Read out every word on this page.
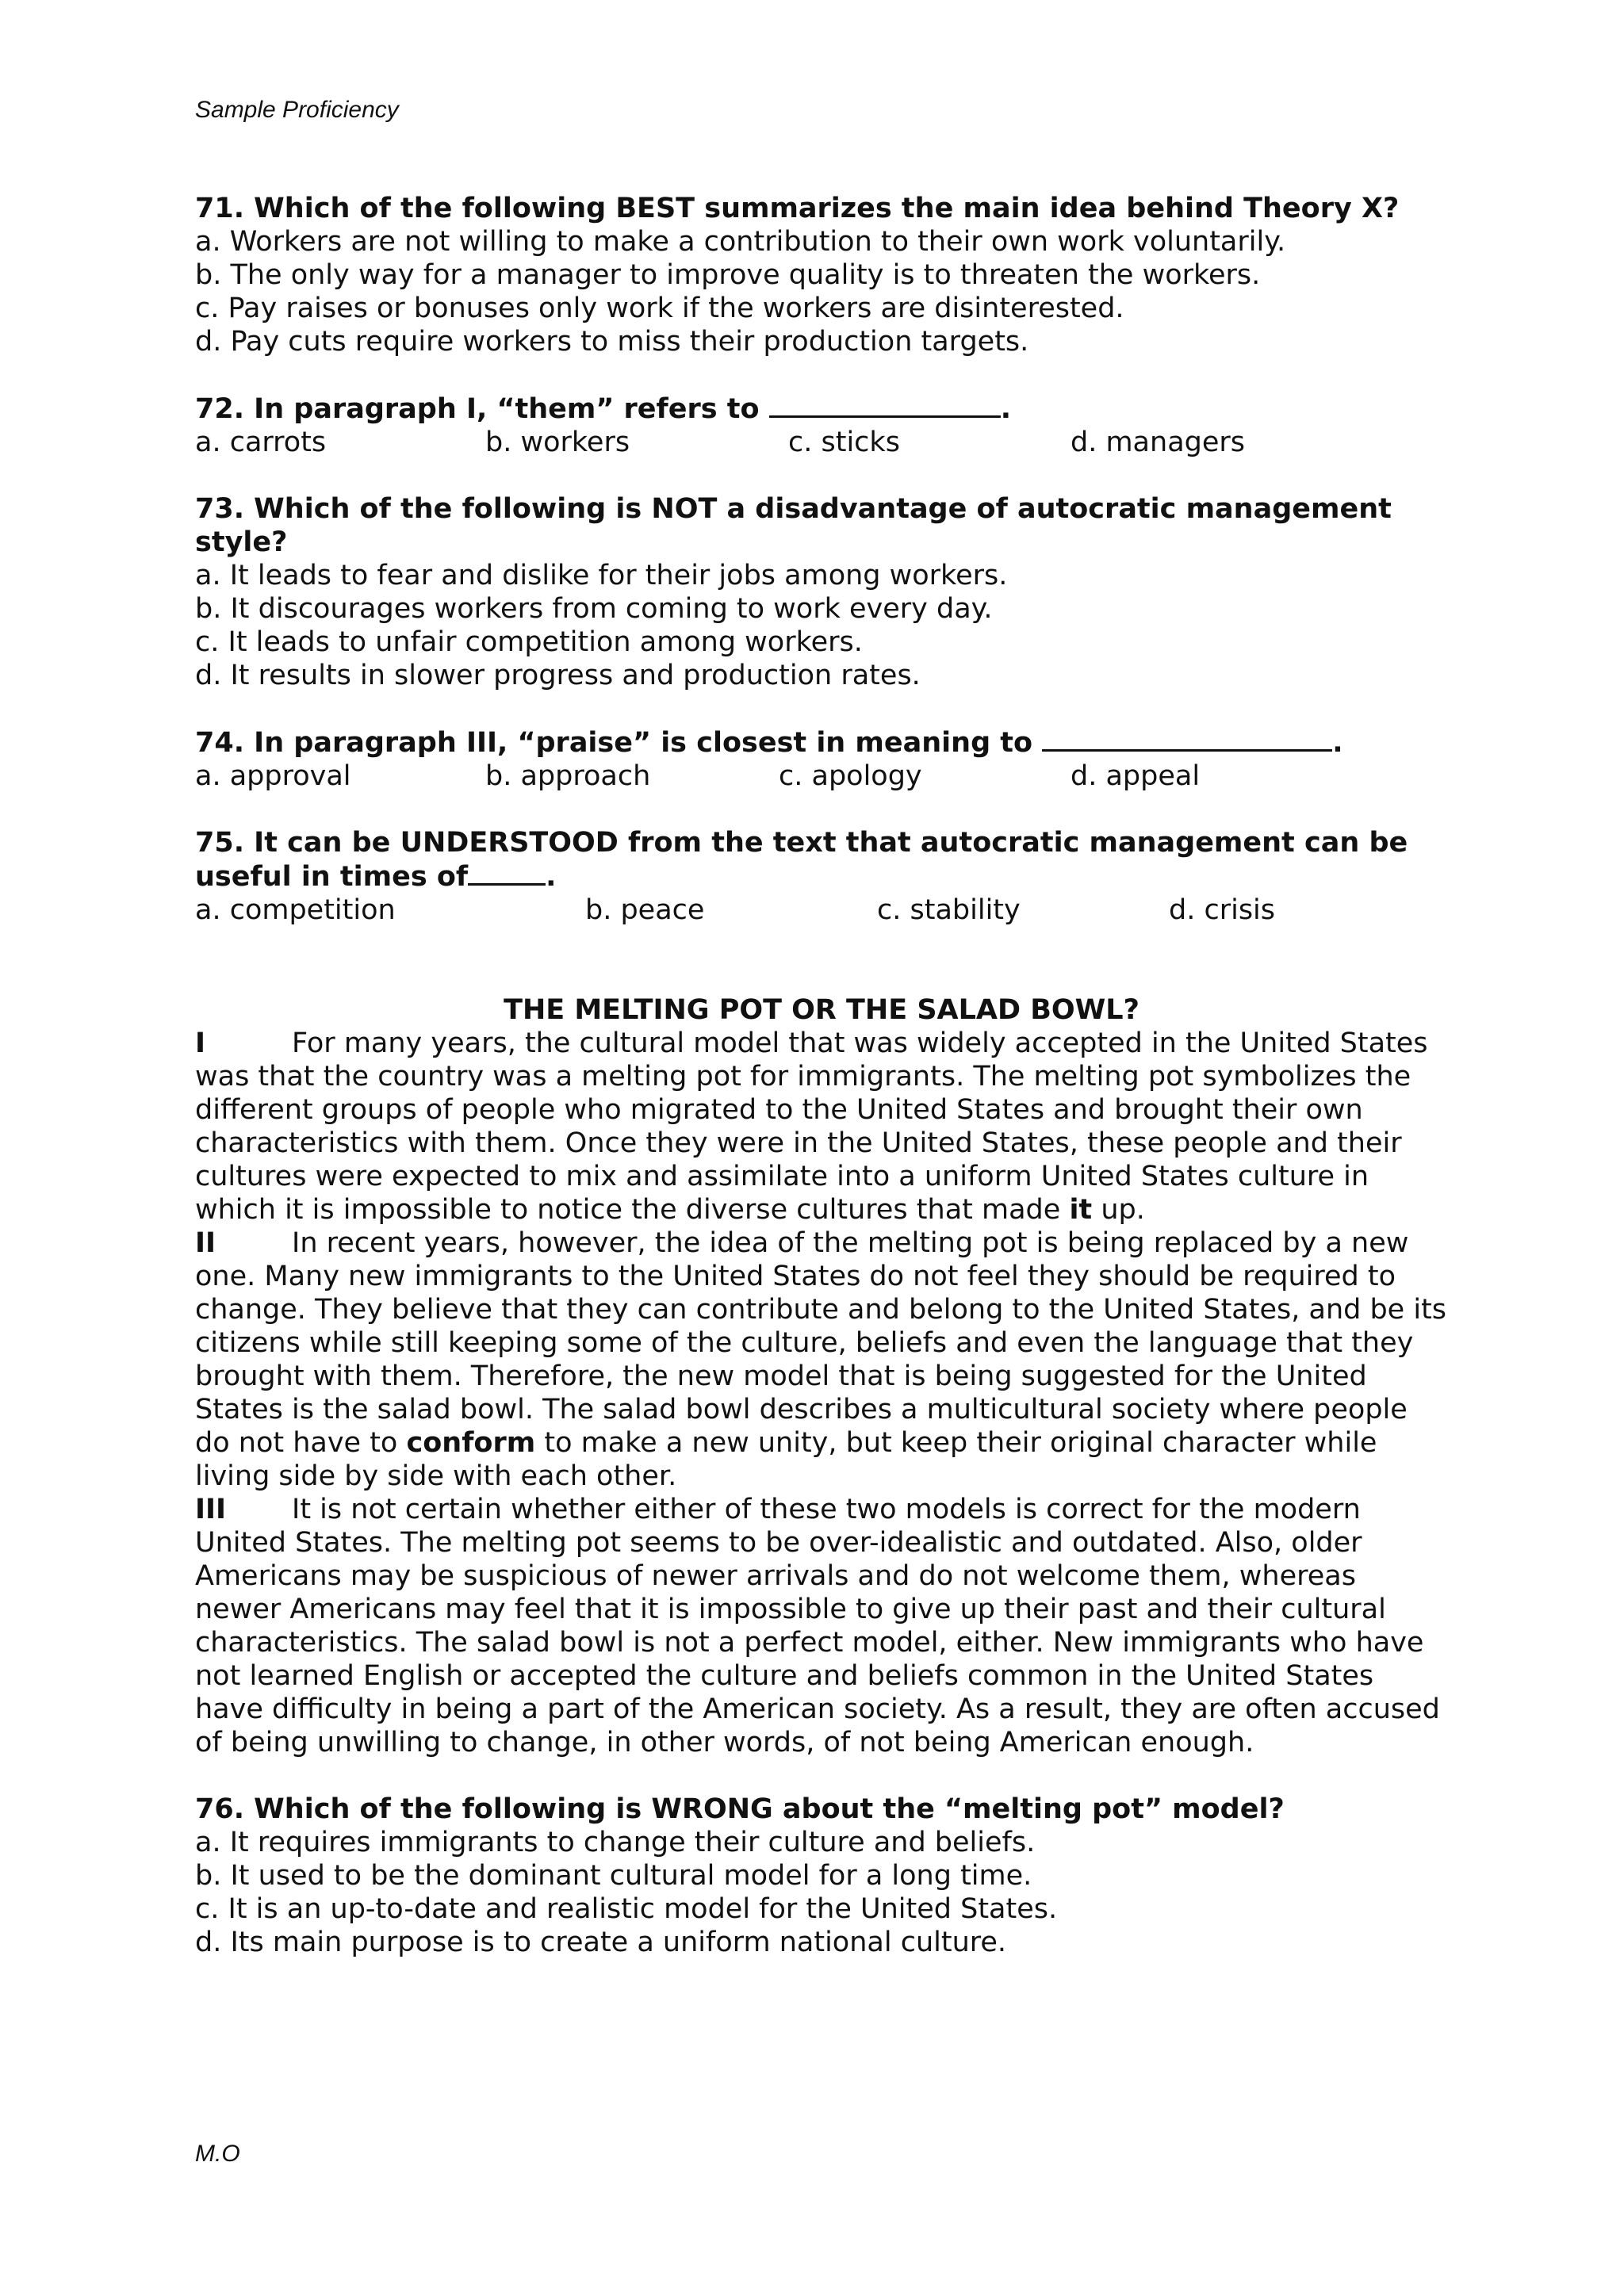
Sample Proficiency
71. Which of the following BEST summarizes the main idea behind Theory X?
a. Workers are not willing to make a contribution to their own work voluntarily.
b. The only way for a manager to improve quality is to threaten the workers.
c. Pay raises or bonuses only work if the workers are disinterested.
d. Pay cuts require workers to miss their production targets.
72. In paragraph I, “them” refers to	.
a. carrots	b. workers	c. sticks	d. managers
73. Which of the following is NOT a disadvantage of autocratic management style?
a. It leads to fear and dislike for their jobs among workers.
b. It discourages workers from coming to work every day.
c. It leads to unfair competition among workers.
d. It results in slower progress and production rates.
74. In paragraph III, “praise” is closest in meaning to	.
a. approval	b. approach	c. apology	d. appeal
75. It can be UNDERSTOOD from the text that autocratic management can be
useful in times of	.
a. competition	b. peace	c. stability	d. crisis
THE MELTING POT OR THE SALAD BOWL?
I	For many years, the cultural model that was widely accepted in the United States was that the country was a melting pot for immigrants. The melting pot symbolizes the different groups of people who migrated to the United States and brought their own characteristics with them. Once they were in the United States, these people and their cultures were expected to mix and assimilate into a uniform United States culture in which it is impossible to notice the diverse cultures that made it up.
II	In recent years, however, the idea of the melting pot is being replaced by a new one. Many new immigrants to the United States do not feel they should be required to change. They believe that they can contribute and belong to the United States, and be its citizens while still keeping some of the culture, beliefs and even the language that they brought with them. Therefore, the new model that is being suggested for the United States is the salad bowl. The salad bowl describes a multicultural society where people do not have to conform to make a new unity, but keep their original character while living side by side with each other.
III It is not certain whether either of these two models is correct for the modern United States. The melting pot seems to be over-idealistic and outdated. Also, older Americans may be suspicious of newer arrivals and do not welcome them, whereas newer Americans may feel that it is impossible to give up their past and their cultural characteristics. The salad bowl is not a perfect model, either. New immigrants who have not learned English or accepted the culture and beliefs common in the United States have difficulty in being a part of the American society. As a result, they are often accused of being unwilling to change, in other words, of not being American enough.
76. Which of the following is WRONG about the “melting pot” model?
a. It requires immigrants to change their culture and beliefs.
b. It used to be the dominant cultural model for a long time.
c. It is an up-to-date and realistic model for the United States.
d. Its main purpose is to create a uniform national culture.
M.O
